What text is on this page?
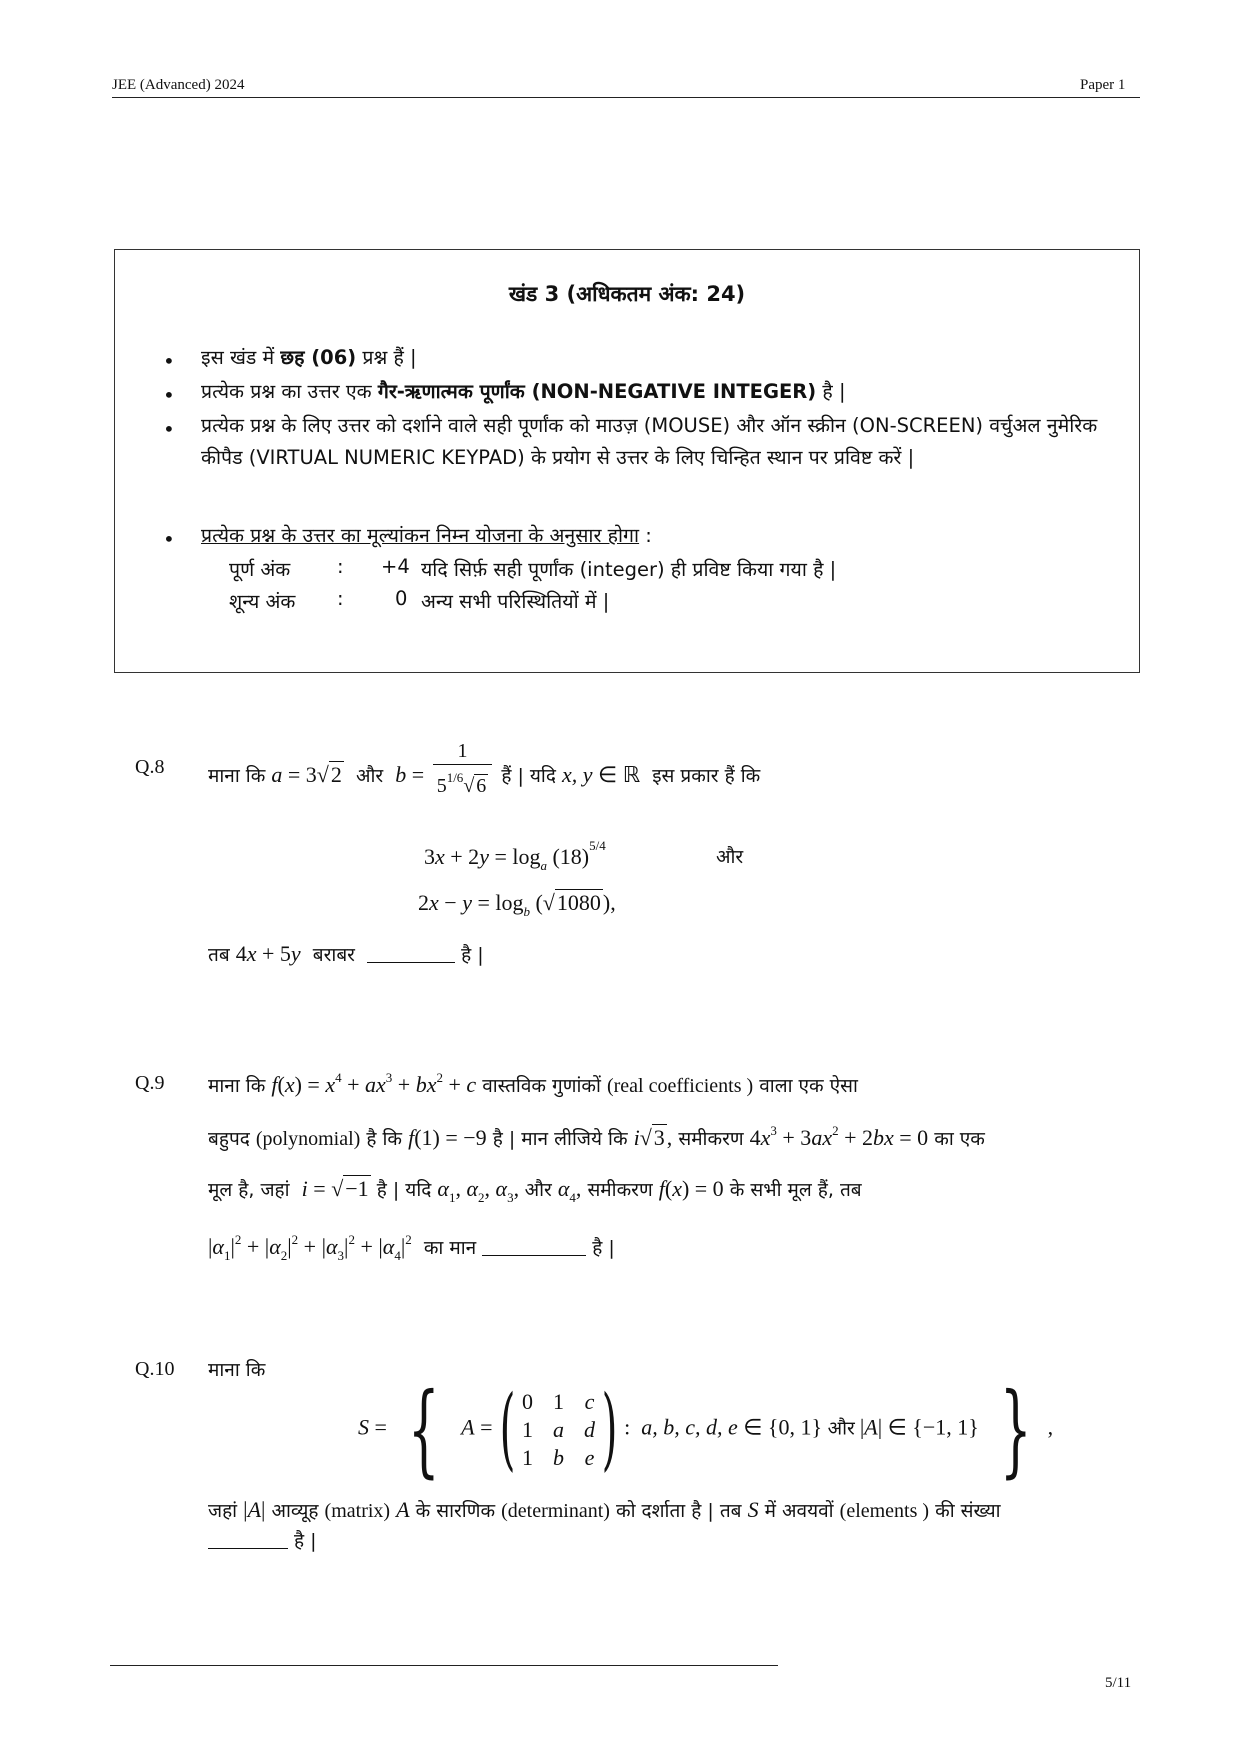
JEE (Advanced) 2024	Paper 1
खंड 3 (अधिकतम अंक: 24)
• इस खंड में छह (06) प्रश्न हैं |
• प्रत्येक प्रश्न का उत्तर एक गैर-ऋणात्मक पूर्णांक (NON-NEGATIVE INTEGER) है |
• प्रत्येक प्रश्न के लिए उत्तर को दर्शाने वाले सही पूर्णांक को माउज़ (MOUSE) और ऑन स्क्रीन (ON-SCREEN) वर्चुअल नुमेरिक कीपैड (VIRTUAL NUMERIC KEYPAD) के प्रयोग से उत्तर के लिए चिन्हित स्थान पर प्रविष्ट करें |
• प्रत्येक प्रश्न के उत्तर का मूल्यांकन निम्न योजना के अनुसार होगा :
पूर्ण अंक : +4 यदि सिर्फ़ सही पूर्णांक (integer) ही प्रविष्ट किया गया है |
शून्य अंक :	0 अन्य सभी परिस्थितियों में |
Q.8 माना कि a = 3√2 और $b = \frac{1}{5^{1/6}√ 6}$ हैं | यदि x, y ∈ ℝ इस प्रकार हैं कि
$3x + 2y = \log_a (18)^{5/4}$
और
$2x - y = \log_b (√1080)$,
तब 4x + 5y बराबर	है |
Q.9 माना कि $f(x) = x^4 + ax^3 + bx^2 + c$ वास्तविक गुणांकों (real coefficients ) वाला एक ऐसा
बहुपद (polynomial) है कि f(1) = −9 है | मान लीजिये कि i√3, समीकरण $4x^3 + 3ax^2 + 2bx = 0$ का एक
मूल है, जहां i = √−1 है | यदि $\alpha_1$, $\alpha_2$, $\alpha_3$, और $\alpha_4$, समीकरण f(x) = 0 के सभी मूल हैं, तब
$|\alpha_1|^2 + |\alpha_2|^2 + |\alpha_3|^2 + |\alpha_4|^2$ का मान	है |
Q.10 माना कि
S = { A = ( 0	1	c
1	a	d
1	b	e ) :  a, b, c, d, e ∈ {0, 1} और |A| ∈ {−1, 1} } ,
जहां |A| आव्यूह (matrix) A के सारणिक (determinant) को दर्शाता है | तब S में अवयवों (elements ) की संख्या
है |
5/11
